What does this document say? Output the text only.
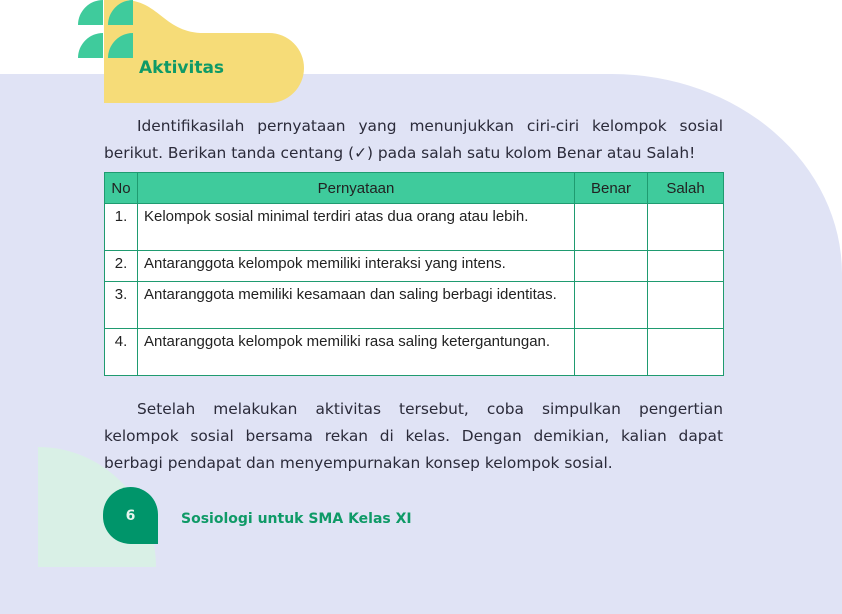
Aktivitas

Identifikasilah pernyataan yang menunjukkan ciri-ciri kelompok sosial berikut. Berikan tanda centang (✓) pada salah satu kolom Benar atau Salah!

No	Pernyataan	Benar	Salah
1.	Kelompok sosial minimal terdiri atas dua orang atau lebih.		
2.	Antaranggota kelompok memiliki interaksi yang intens.		
3.	Antaranggota memiliki kesamaan dan saling berbagi identitas.		
4.	Antaranggota kelompok memiliki rasa saling ketergantungan.		

Setelah melakukan aktivitas tersebut, coba simpulkan pengertian kelompok sosial bersama rekan di kelas. Dengan demikian, kalian dapat berbagi pendapat dan menyempurnakan konsep kelompok sosial.

6	Sosiologi untuk SMA Kelas XI
